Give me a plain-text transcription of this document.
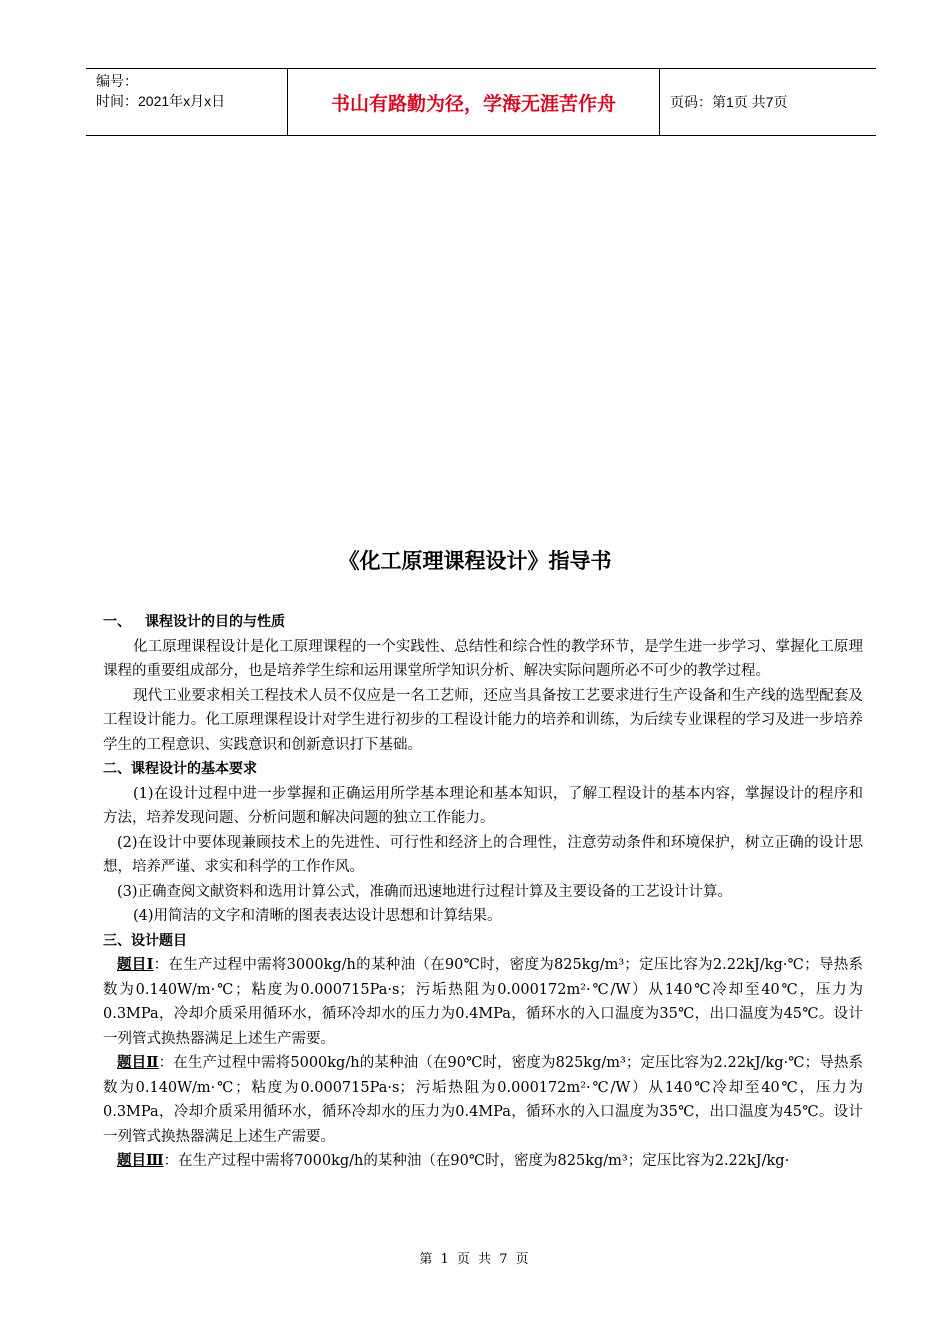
编号：
时间：2021年x月x日	书山有路勤为径，学海无涯苦作舟	页码：第1页 共7页
《化工原理课程设计》指导书
一、 课程设计的目的与性质
化工原理课程设计是化工原理课程的一个实践性、总结性和综合性的教学环节，是学生进一步学习、掌握化工原理课程的重要组成部分，也是培养学生综和运用课堂所学知识分析、解决实际问题所必不可少的教学过程。
现代工业要求相关工程技术人员不仅应是一名工艺师，还应当具备按工艺要求进行生产设备和生产线的选型配套及工程设计能力。化工原理课程设计对学生进行初步的工程设计能力的培养和训练，为后续专业课程的学习及进一步培养学生的工程意识、实践意识和创新意识打下基础。
二、课程设计的基本要求
(1)在设计过程中进一步掌握和正确运用所学基本理论和基本知识，了解工程设计的基本内容，掌握设计的程序和方法，培养发现问题、分析问题和解决问题的独立工作能力。
(2)在设计中要体现兼顾技术上的先进性、可行性和经济上的合理性，注意劳动条件和环境保护，树立正确的设计思想，培养严谨、求实和科学的工作作风。
(3)正确查阅文献资料和选用计算公式，准确而迅速地进行过程计算及主要设备的工艺设计计算。
(4)用简洁的文字和清晰的图表表达设计思想和计算结果。
三、设计题目
题目Ⅰ：在生产过程中需将3000kg/h的某种油（在90℃时，密度为825kg/m³；定压比容为2.22kJ/kg·℃；导热系数为0.140W/m·℃；粘度为0.000715Pa·s；污垢热阻为0.000172m²·℃/W）从140℃冷却至40℃，压力为0.3MPa，冷却介质采用循环水，循环冷却水的压力为0.4MPa，循环水的入口温度为35℃，出口温度为45℃。设计一列管式换热器满足上述生产需要。
题目Ⅱ：在生产过程中需将5000kg/h的某种油（在90℃时，密度为825kg/m³；定压比容为2.22kJ/kg·℃；导热系数为0.140W/m·℃；粘度为0.000715Pa·s；污垢热阻为0.000172m²·℃/W）从140℃冷却至40℃，压力为0.3MPa，冷却介质采用循环水，循环冷却水的压力为0.4MPa，循环水的入口温度为35℃，出口温度为45℃。设计一列管式换热器满足上述生产需要。
题目Ⅲ：在生产过程中需将7000kg/h的某种油（在90℃时，密度为825kg/m³；定压比容为2.22kJ/kg·
第 1 页 共 7 页
